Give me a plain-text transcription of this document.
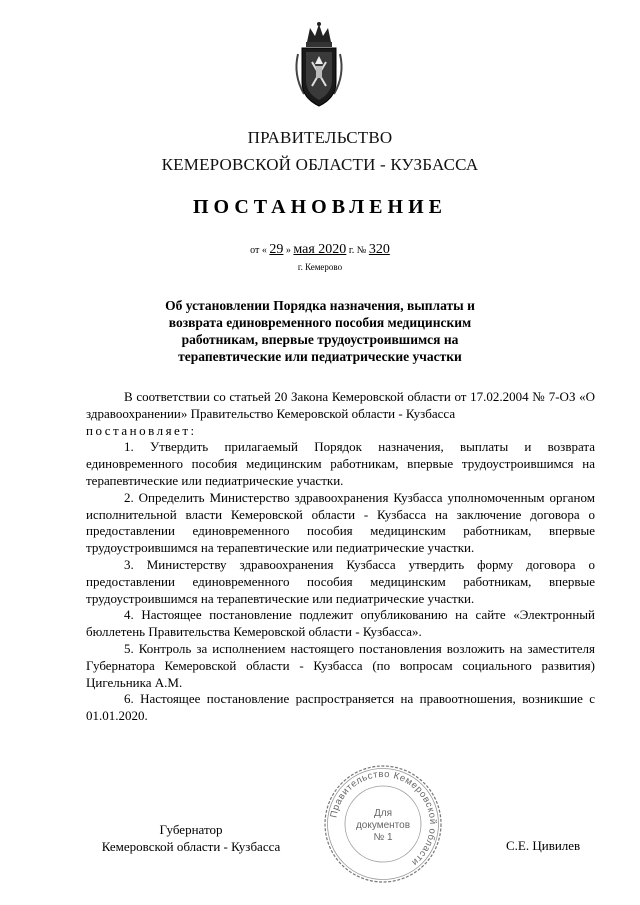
ПРАВИТЕЛЬСТВО
КЕМЕРОВСКОЙ ОБЛАСТИ - КУЗБАССА
ПОСТАНОВЛЕНИЕ
от « 29 » мая 2020 г. № 320
г. Кемерово
Об установлении Порядка назначения, выплаты и возврата единовременного пособия медицинским работникам, впервые трудоустроившимся на терапевтические или педиатрические участки

В соответствии со статьей 20 Закона Кемеровской области от 17.02.2004 № 7-ОЗ «О здравоохранении» Правительство Кемеровской области - Кузбасса

постановляет:

1. Утвердить прилагаемый Порядок назначения, выплаты и возврата единовременного пособия медицинским работникам, впервые трудоустроившимся на терапевтические или педиатрические участки.

2. Определить Министерство здравоохранения Кузбасса уполномоченным органом исполнительной власти Кемеровской области - Кузбасса на заключение договора о предоставлении единовременного пособия медицинским работникам, впервые трудоустроившимся на терапевтические или педиатрические участки.

3. Министерству здравоохранения Кузбасса утвердить форму договора о предоставлении единовременного пособия медицинским работникам, впервые трудоустроившимся на терапевтические или педиатрические участки.

4. Настоящее постановление подлежит опубликованию на сайте «Электронный бюллетень Правительства Кемеровской области - Кузбасса».

5. Контроль за исполнением настоящего постановления возложить на заместителя Губернатора Кемеровской области - Кузбасса (по вопросам социального развития) Цигельника А.М.

6. Настоящее постановление распространяется на правоотношения, возникшие с 01.01.2020.

Губернатор
Кемеровской области - Кузбасса	С.Е. Цивилев
Правительство Кемеровской области
Для
документов
№ 1
